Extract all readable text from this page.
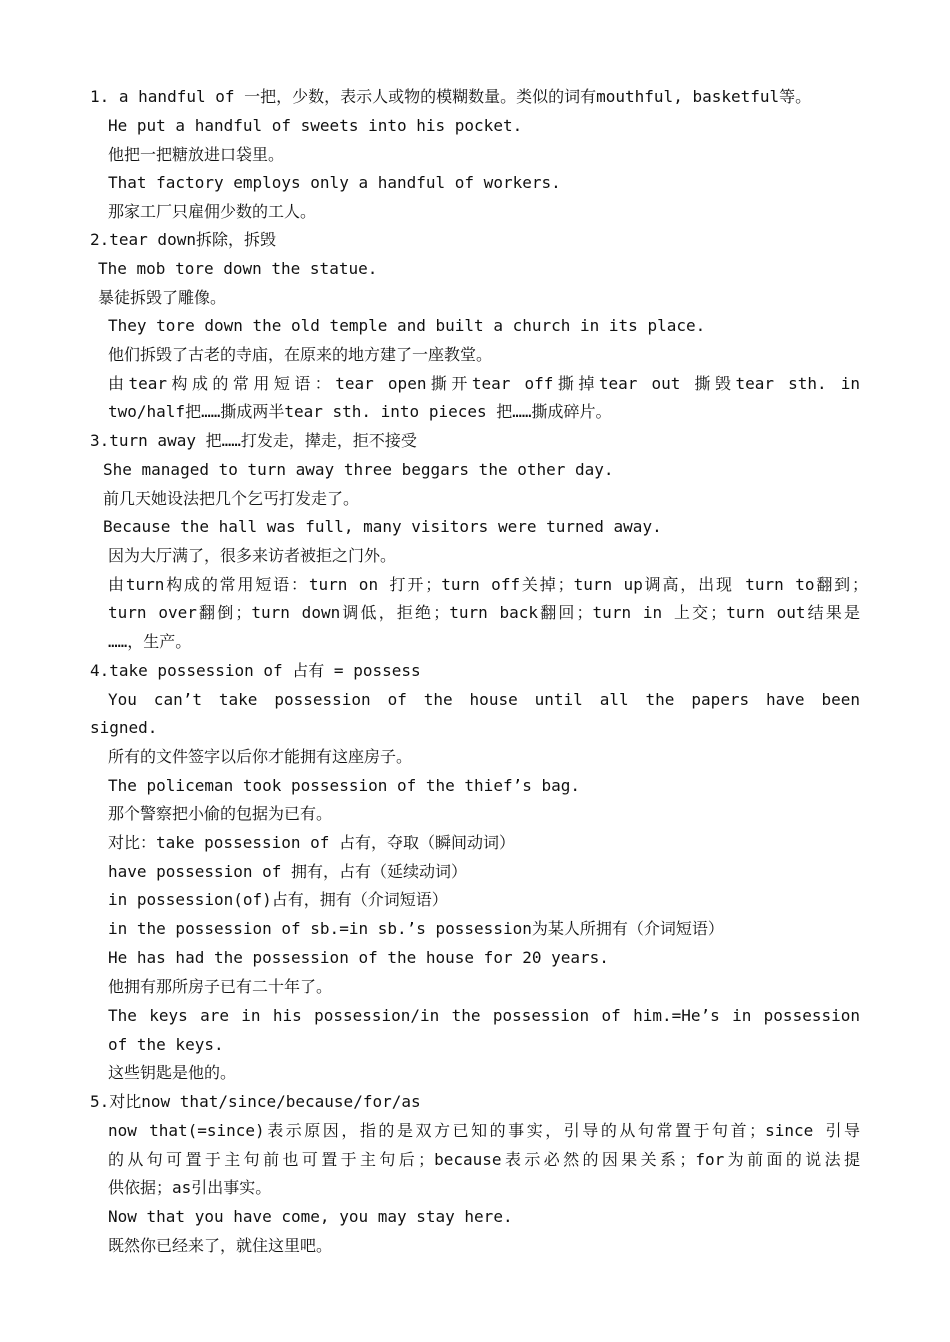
1. a handful of 一把，少数，表示人或物的模糊数量。类似的词有mouthful, basketful等。
He put a handful of sweets into his pocket.
他把一把糖放进口袋里。
That factory employs only a handful of workers.
那家工厂只雇佣少数的工人。
2.tear down拆除，拆毁
The mob tore down the statue.
暴徒拆毁了雕像。
They tore down the old temple and built a church in its place.
他们拆毁了古老的寺庙，在原来的地方建了一座教堂。
由tear构成的常用短语：tear open撕开tear off撕掉tear out 撕毁tear sth. in
two/half把……撕成两半tear sth. into pieces 把……撕成碎片。
3.turn away 把……打发走，撵走，拒不接受
She managed to turn away three beggars the other day.
前几天她设法把几个乞丐打发走了。
Because the hall was full, many visitors were turned away.
因为大厅满了，很多来访者被拒之门外。
由turn构成的常用短语：turn on 打开；turn off关掉；turn up调高，出现 turn to翻到；
turn over翻倒；turn down调低，拒绝；turn back翻回；turn in 上交；turn out结果是
……，生产。
4.take possession of 占有 = possess
You can’t take possession of the house until all the papers have been
signed.
所有的文件签字以后你才能拥有这座房子。
The policeman took possession of the thief’s bag.
那个警察把小偷的包据为已有。
对比：take possession of 占有，夺取（瞬间动词）
have possession of 拥有，占有（延续动词）
in possession(of)占有，拥有（介词短语）
in the possession of sb.=in sb.’s possession为某人所拥有（介词短语）
He has had the possession of the house for 20 years.
他拥有那所房子已有二十年了。
The keys are in his possession/in the possession of him.=He’s in possession
of the keys.
这些钥匙是他的。
5.对比now that/since/because/for/as
now that(=since)表示原因，指的是双方已知的事实，引导的从句常置于句首；since 引导
的从句可置于主句前也可置于主句后；because表示必然的因果关系；for为前面的说法提
供依据；as引出事实。
Now that you have come, you may stay here.
既然你已经来了，就住这里吧。
